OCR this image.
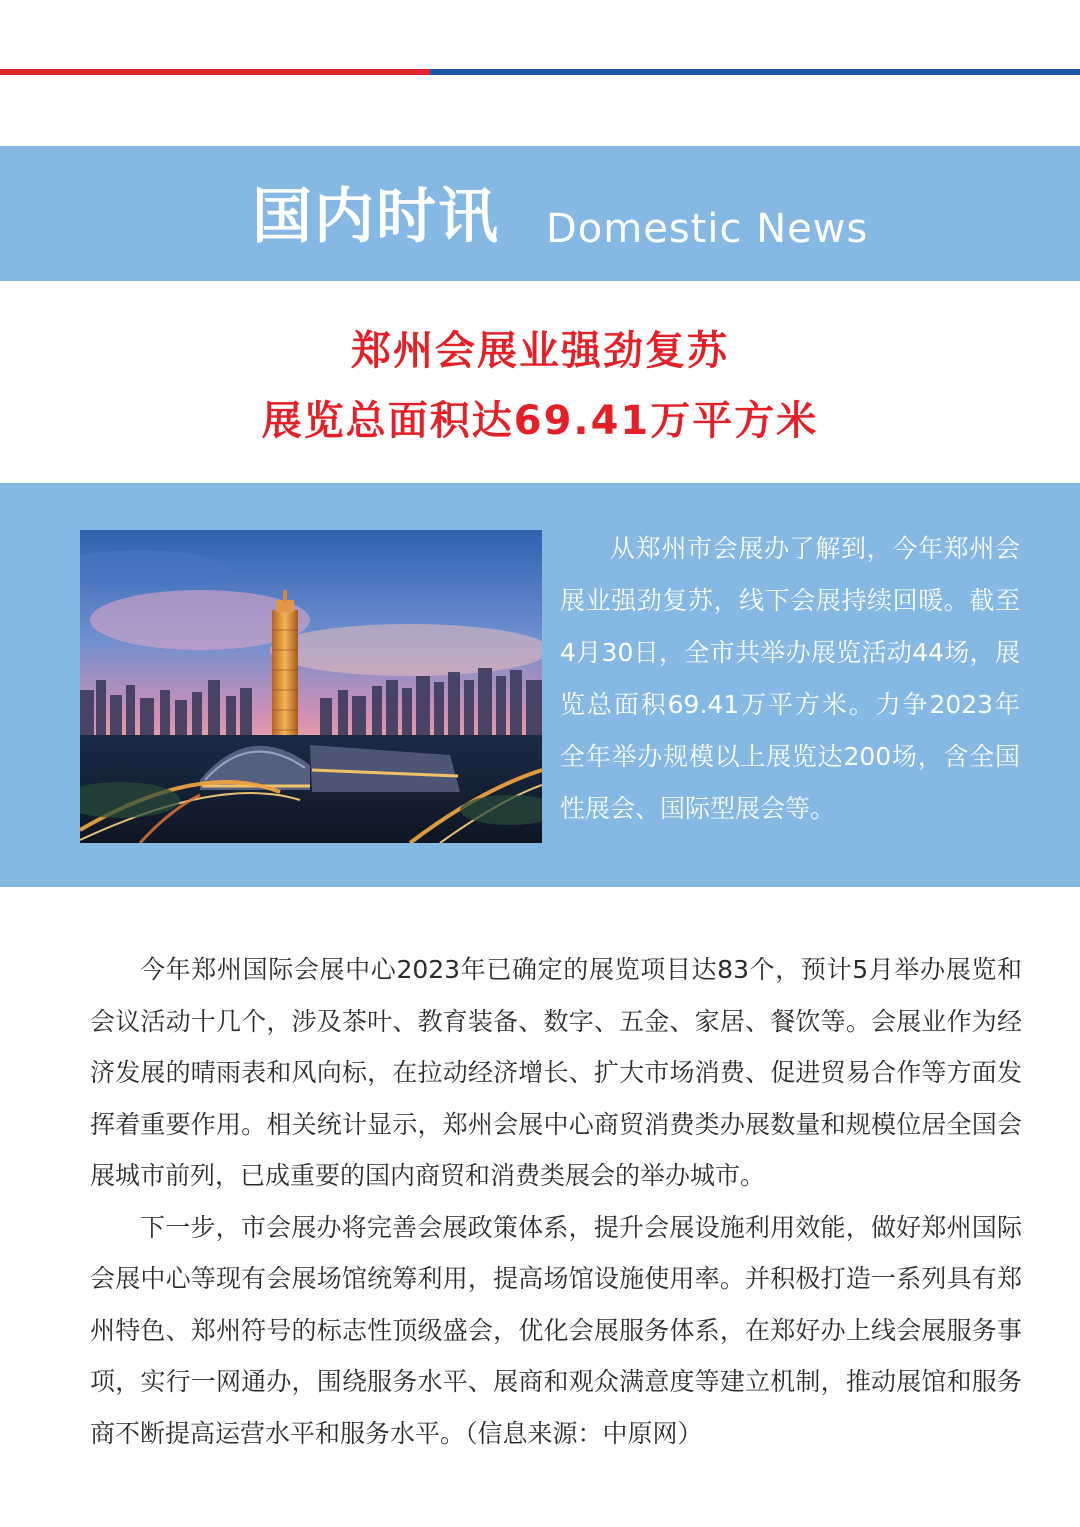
国内时讯 Domestic News
郑州会展业强劲复苏
展览总面积达69.41万平方米

从郑州市会展办了解到，今年郑州会展业强劲复苏，线下会展持续回暖。截至4月30日，全市共举办展览活动44场，展览总面积69.41万平方米。力争2023年全年举办规模以上展览达200场，含全国性展会、国际型展会等。

今年郑州国际会展中心2023年已确定的展览项目达83个，预计5月举办展览和会议活动十几个，涉及茶叶、教育装备、数字、五金、家居、餐饮等。会展业作为经济发展的晴雨表和风向标，在拉动经济增长、扩大市场消费、促进贸易合作等方面发挥着重要作用。相关统计显示，郑州会展中心商贸消费类办展数量和规模位居全国会展城市前列，已成重要的国内商贸和消费类展会的举办城市。

下一步，市会展办将完善会展政策体系，提升会展设施利用效能，做好郑州国际会展中心等现有会展场馆统筹利用，提高场馆设施使用率。并积极打造一系列具有郑州特色、郑州符号的标志性顶级盛会，优化会展服务体系，在郑好办上线会展服务事项，实行一网通办，围绕服务水平、展商和观众满意度等建立机制，推动展馆和服务商不断提高运营水平和服务水平。（信息来源：中原网）
